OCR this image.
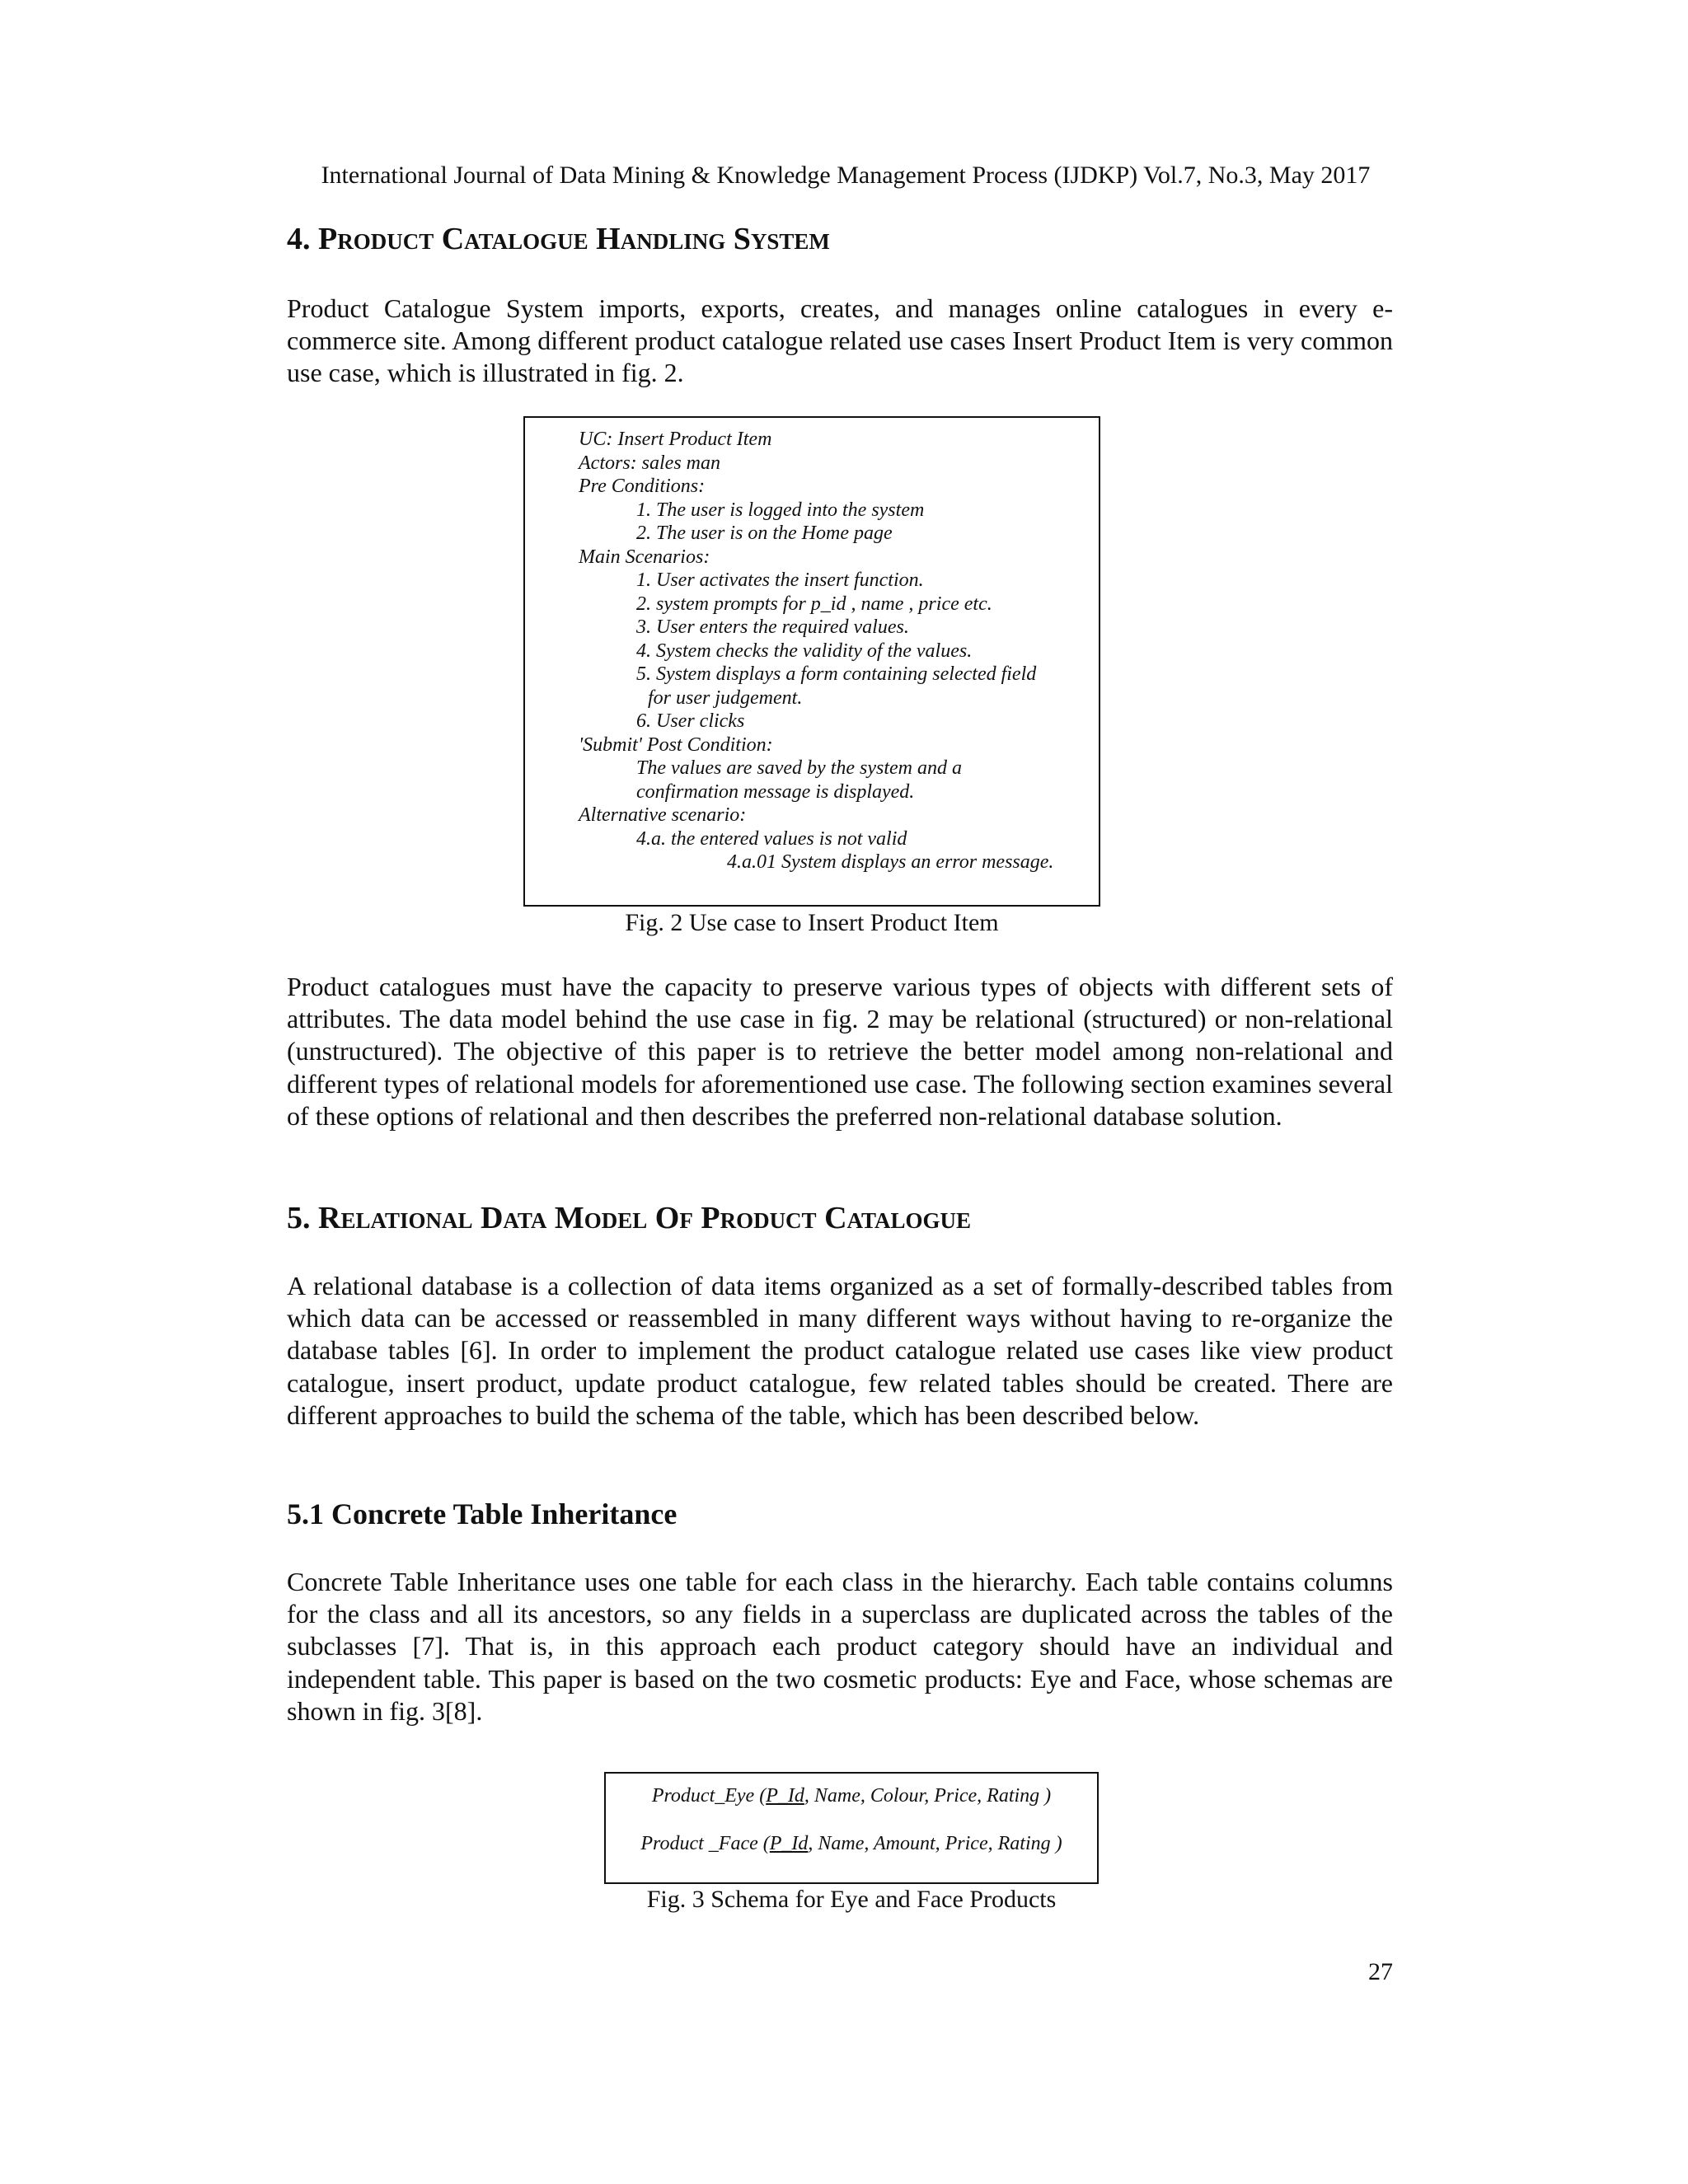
International Journal of Data Mining & Knowledge Management Process (IJDKP) Vol.7, No.3, May 2017
4. Product Catalogue Handling System
Product Catalogue System imports, exports, creates, and manages online catalogues in every e-commerce site. Among different product catalogue related use cases Insert Product Item is very common use case, which is illustrated in fig. 2.
UC: Insert Product Item
Actors: sales man
Pre Conditions:
1. The user is logged into the system
2. The user is on the Home page
Main Scenarios:
1. User activates the insert function.
2. system prompts for p_id , name , price etc.
3. User enters the required values.
4. System checks the validity of the values.
5. System displays a form containing selected field
for user judgement.
6. User clicks
'Submit' Post Condition:
The values are saved by the system and a
confirmation message is displayed.
Alternative scenario:
4.a. the entered values is not valid
4.a.01 System displays an error message.
Fig. 2 Use case to Insert Product Item
Product catalogues must have the capacity to preserve various types of objects with different sets of attributes. The data model behind the use case in fig. 2 may be relational (structured) or non-relational (unstructured). The objective of this paper is to retrieve the better model among non-relational and different types of relational models for aforementioned use case. The following section examines several of these options of relational and then describes the preferred non-relational database solution.
5. Relational Data Model Of Product Catalogue
A relational database is a collection of data items organized as a set of formally-described tables from which data can be accessed or reassembled in many different ways without having to re-organize the database tables [6]. In order to implement the product catalogue related use cases like view product catalogue, insert product, update product catalogue, few related tables should be created. There are different approaches to build the schema of the table, which has been described below.
5.1 Concrete Table Inheritance
Concrete Table Inheritance uses one table for each class in the hierarchy. Each table contains columns for the class and all its ancestors, so any fields in a superclass are duplicated across the tables of the subclasses [7]. That is, in this approach each product category should have an individual and independent table. This paper is based on the two cosmetic products: Eye and Face, whose schemas are shown in fig. 3[8].
Product_Eye (P_Id, Name, Colour, Price, Rating )
Product _Face (P_Id, Name, Amount, Price, Rating )
Fig. 3 Schema for Eye and Face Products
27
